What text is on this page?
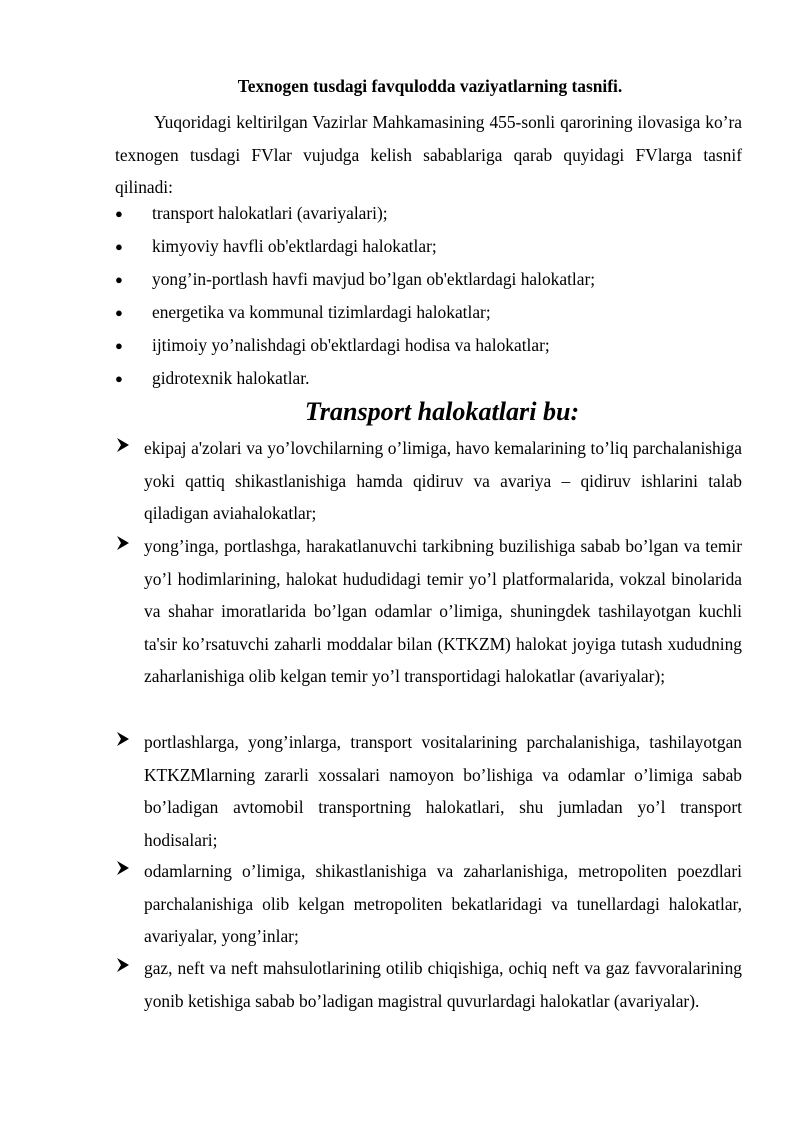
Texnogen tusdagi favqulodda vaziyatlarning tasnifi.

Yuqoridagi keltirilgan Vazirlar Mahkamasining 455-sonli qarorining ilovasiga ko’ra texnogen tusdagi FVlar vujudga kelish sabablariga qarab quyidagi FVlarga tasnif qilinadi:

● transport halokatlari (avariyalari);
● kimyoviy havfli ob'ektlardagi halokatlar;
● yong’in-portlash havfi mavjud bo’lgan ob'ektlardagi halokatlar;
● energetika va kommunal tizimlardagi halokatlar;
● ijtimoiy yo’nalishdagi ob'ektlardagi hodisa va halokatlar;
● gidrotexnik halokatlar.
Transport halokatlari bu:

ekipaj a'zolari va yo’lovchilarning o’limiga, havo kemalarining to’liq parchalanishiga yoki qattiq shikastlanishiga hamda qidiruv va avariya – qidiruv ishlarini talab qiladigan aviahalokatlar;

yong’inga, portlashga, harakatlanuvchi tarkibning buzilishiga sabab bo’lgan va temir yo’l hodimlarining, halokat hududidagi temir yo’l platformalarida, vokzal binolarida va shahar imoratlarida bo’lgan odamlar o’limiga, shuningdek tashilayotgan kuchli ta'sir ko’rsatuvchi zaharli moddalar bilan (KTKZM) halokat joyiga tutash xududning zaharlanishiga olib kelgan temir yo’l transportidagi halokatlar (avariyalar);

portlashlarga, yong’inlarga, transport vositalarining parchalanishiga, tashilayotgan KTKZMlarning zararli xossalari namoyon bo’lishiga va odamlar o’limiga sabab bo’ladigan avtomobil transportning halokatlari, shu jumladan yo’l transport hodisalari;

odamlarning o’limiga, shikastlanishiga va zaharlanishiga, metropoliten poezdlari parchalanishiga olib kelgan metropoliten bekatlaridagi va tunellardagi halokatlar, avariyalar, yong’inlar;

gaz, neft va neft mahsulotlarining otilib chiqishiga, ochiq neft va gaz favvoralarining yonib ketishiga sabab bo’ladigan magistral quvurlardagi halokatlar (avariyalar).
